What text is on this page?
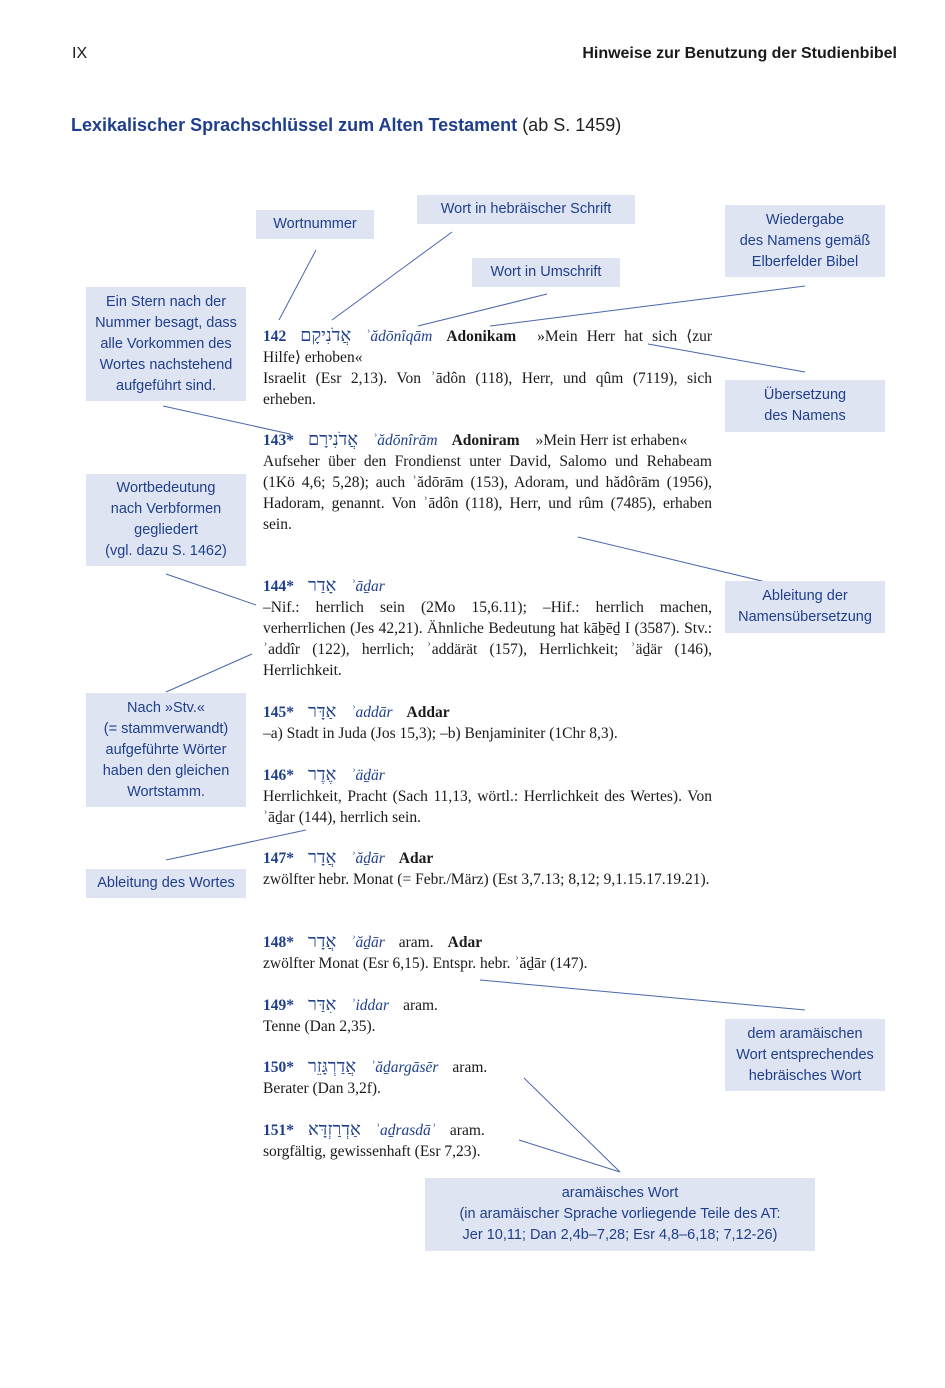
IX	Hinweise zur Benutzung der Studienbibel
Lexikalischer Sprachschlüssel zum Alten Testament (ab S. 1459)
Wortnummer
Wort in hebräischer Schrift
Wort in Umschrift
Wiedergabe
des Namens gemäß
Elberfelder Bibel
Ein Stern nach der
Nummer besagt, dass
alle Vorkommen des
Wortes nachstehend
aufgeführt sind.
Übersetzung
des Namens
Wortbedeutung
nach Verbformen
gegliedert
(vgl. dazu S. 1462)
Ableitung der
Namensübersetzung
Nach »Stv.«
(= stammverwandt)
aufgeführte Wörter
haben den gleichen
Wortstamm.
Ableitung des Wortes
dem aramäischen
Wort entsprechendes
hebräisches Wort
aramäisches Wort
(in aramäischer Sprache vorliegende Teile des AT:
Jer 10,11; Dan 2,4b–7,28; Esr 4,8–6,18; 7,12-26)
142 אֲדֹנִיקָם ʾădōnîqām Adonikam »Mein Herr hat sich ⟨zur Hilfe⟩ erhoben«
Israelit (Esr 2,13). Von ʾādôn (118), Herr, und qûm (7119), sich erheben.
143* אֲדֹנִירָם ʾădōnîrām Adoniram »Mein Herr ist erhaben«
Aufseher über den Frondienst unter David, Salomo und Rehabeam (1Kö 4,6; 5,28); auch ʾădōrām (153), Adoram, und hădôrām (1956), Hadoram, genannt. Von ʾādôn (118), Herr, und rûm (7485), erhaben sein.
144* אָדַר ʾāḏar
–Nif.: herrlich sein (2Mo 15,6.11); –Hif.: herrlich machen, verherrlichen (Jes 42,21). Ähnliche Bedeutung hat kāḇēḏ I (3587). Stv.: ʾaddîr (122), herrlich; ʾaddärät (157), Herrlichkeit; ʾäḏär (146), Herrlichkeit.
145* אַדָּר ʾaddār Addar
–a) Stadt in Juda (Jos 15,3); –b) Benjaminiter (1Chr 8,3).
146* אֶדֶר ʾäḏär
Herrlichkeit, Pracht (Sach 11,13, wörtl.: Herrlichkeit des Wertes). Von ʾāḏar (144), herrlich sein.
147* אֲדָר ʾăḏār Adar
zwölfter hebr. Monat (= Febr./März) (Est 3,7.13; 8,12; 9,1.15.17.19.21).
148* אֲדָר ʾăḏār aram. Adar
zwölfter Monat (Esr 6,15). Entspr. hebr. ʾăḏār (147).
149* אִדַּר ʾiddar aram.
Tenne (Dan 2,35).
150* אֲדַרְגָּזֵר ʾăḏargāsēr aram.
Berater (Dan 3,2f).
151* אַדְרַזְדָּא ʾaḏrasdāʾ aram.
sorgfältig, gewissenhaft (Esr 7,23).
